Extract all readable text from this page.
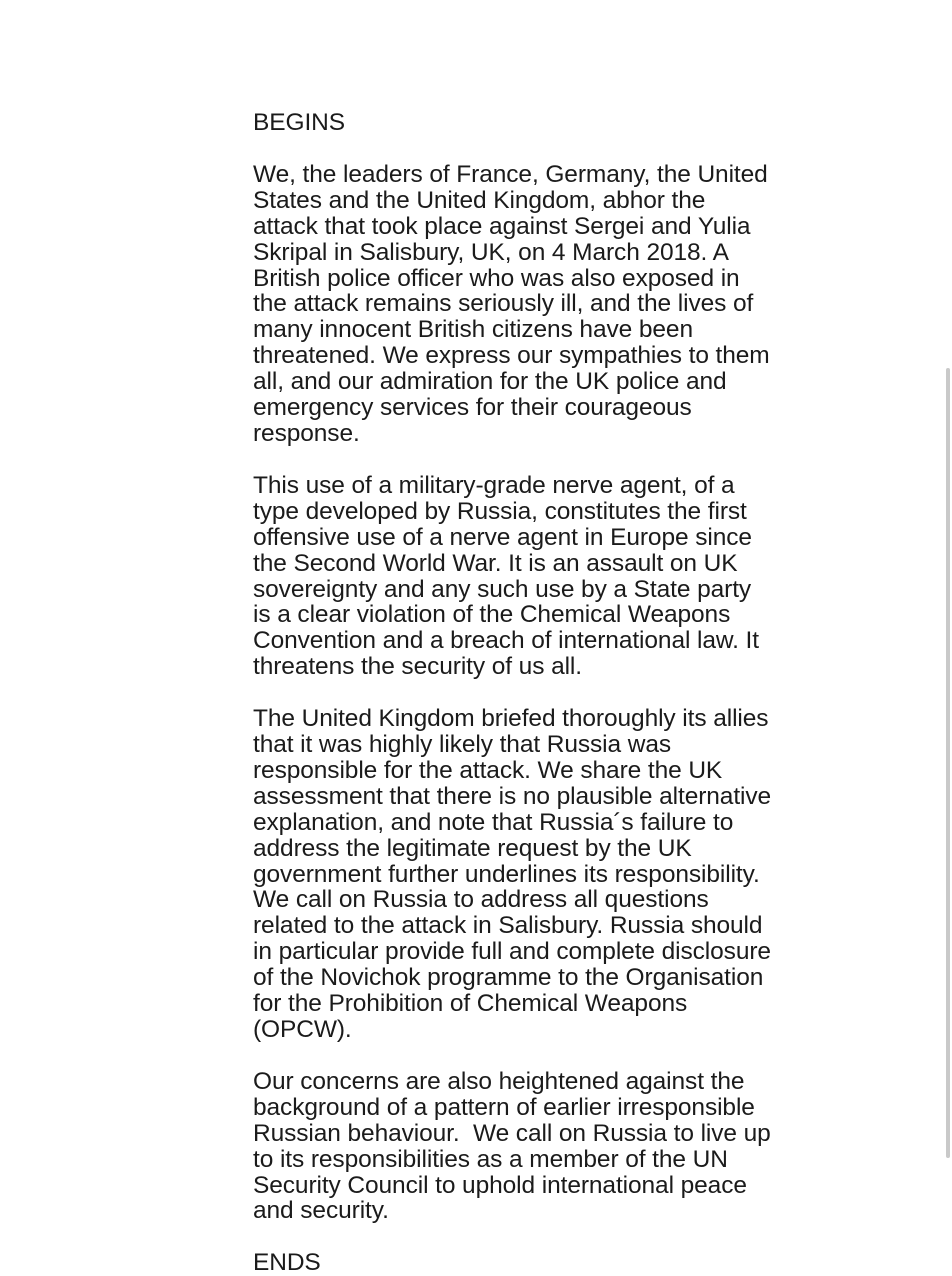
BEGINS

We, the leaders of France, Germany, the United States and the United Kingdom, abhor the attack that took place against Sergei and Yulia Skripal in Salisbury, UK, on 4 March 2018. A British police officer who was also exposed in the attack remains seriously ill, and the lives of many innocent British citizens have been threatened. We express our sympathies to them all, and our admiration for the UK police and emergency services for their courageous response.

This use of a military-grade nerve agent, of a type developed by Russia, constitutes the first offensive use of a nerve agent in Europe since the Second World War. It is an assault on UK sovereignty and any such use by a State party is a clear violation of the Chemical Weapons Convention and a breach of international law. It threatens the security of us all.

The United Kingdom briefed thoroughly its allies that it was highly likely that Russia was responsible for the attack. We share the UK assessment that there is no plausible alternative explanation, and note that Russia´s failure to address the legitimate request by the UK government further underlines its responsibility. We call on Russia to address all questions related to the attack in Salisbury. Russia should in particular provide full and complete disclosure of the Novichok programme to the Organisation for the Prohibition of Chemical Weapons (OPCW).

Our concerns are also heightened against the background of a pattern of earlier irresponsible Russian behaviour.  We call on Russia to live up to its responsibilities as a member of the UN Security Council to uphold international peace and security.

ENDS
